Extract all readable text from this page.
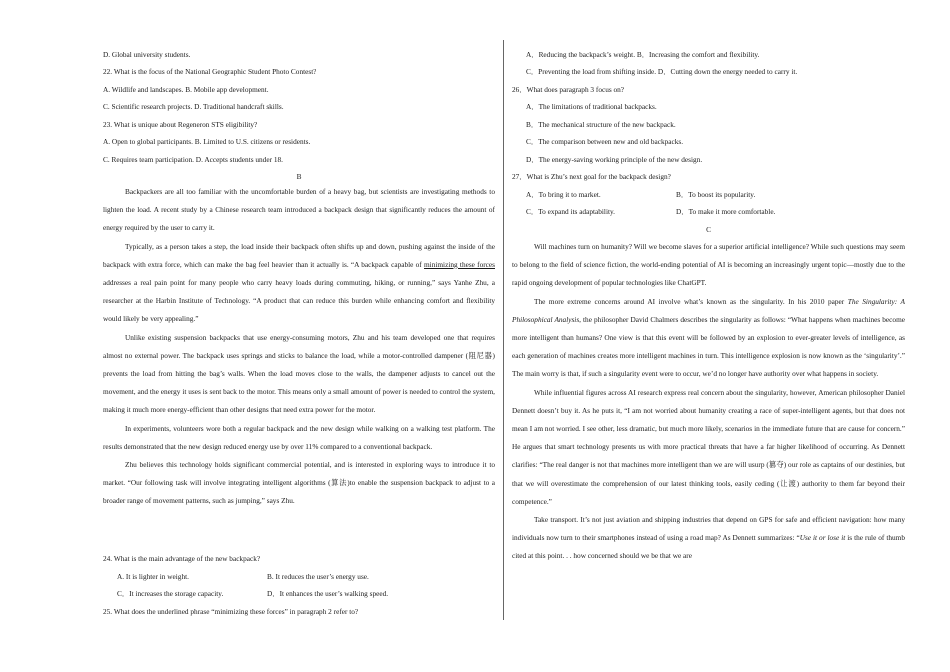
D. Global university students.
22. What is the focus of the National Geographic Student Photo Contest?
A. Wildlife and landscapes. B. Mobile app development.
C. Scientific research projects. D. Traditional handcraft skills.
23. What is unique about Regeneron STS eligibility?
A. Open to global participants. B. Limited to U.S. citizens or residents.
C. Requires team participation. D. Accepts students under 18.
B

Backpackers are all too familiar with the uncomfortable burden of a heavy bag, but scientists are investigating methods to lighten the load. A recent study by a Chinese research team introduced a backpack design that significantly reduces the amount of energy required by the user to carry it.

Typically, as a person takes a step, the load inside their backpack often shifts up and down, pushing against the inside of the backpack with extra force, which can make the bag feel heavier than it actually is. “A backpack capable of minimizing these forces addresses a real pain point for many people who carry heavy loads during commuting, hiking, or running,” says Yanhe Zhu, a researcher at the Harbin Institute of Technology. “A product that can reduce this burden while enhancing comfort and flexibility would likely be very appealing.”

Unlike existing suspension backpacks that use energy-consuming motors, Zhu and his team developed one that requires almost no external power. The backpack uses springs and sticks to balance the load, while a motor-controlled dampener (阻尼器) prevents the load from hitting the bag’s walls. When the load moves close to the walls, the dampener adjusts to cancel out the movement, and the energy it uses is sent back to the motor. This means only a small amount of power is needed to control the system, making it much more energy-efficient than other designs that need extra power for the motor.

In experiments, volunteers wore both a regular backpack and the new design while walking on a walking test platform. The results demonstrated that the new design reduced energy use by over 11% compared to a conventional backpack.

Zhu believes this technology holds significant commercial potential, and is interested in exploring ways to introduce it to market. “Our following task will involve integrating intelligent algorithms (算法)to enable the suspension backpack to adjust to a broader range of movement patterns, such as jumping,” says Zhu.

24. What is the main advantage of the new backpack?
A. It is lighter in weight.	B. It reduces the user’s energy use.
C．It increases the storage capacity.	D．It enhances the user’s walking speed.
25. What does the underlined phrase “minimizing these forces” in paragraph 2 refer to?
A．Reducing the backpack’s weight. B．Increasing the comfort and flexibility.
C．Preventing the load from shifting inside. D．Cutting down the energy needed to carry it.
26．What does paragraph 3 focus on?
A．The limitations of traditional backpacks.
B．The mechanical structure of the new backpack.
C．The comparison between new and old backpacks.
D．The energy-saving working principle of the new design.
27．What is Zhu’s next goal for the backpack design?
A．To bring it to market.	B．To boost its popularity.
C．To expand its adaptability.	D．To make it more comfortable.
C

Will machines turn on humanity? Will we become slaves for a superior artificial intelligence? While such questions may seem to belong to the field of science fiction, the world-ending potential of AI is becoming an increasingly urgent topic—mostly due to the rapid ongoing development of popular technologies like ChatGPT.

The more extreme concerns around AI involve what’s known as the singularity. In his 2010 paper The Singularity: A Philosophical Analysis, the philosopher David Chalmers describes the singularity as follows: “What happens when machines become more intelligent than humans? One view is that this event will be followed by an explosion to ever-greater levels of intelligence, as each generation of machines creates more intelligent machines in turn. This intelligence explosion is now known as the ‘singularity’.” The main worry is that, if such a singularity event were to occur, we’d no longer have authority over what happens in society.

While influential figures across AI research express real concern about the singularity, however, American philosopher Daniel Dennett doesn’t buy it. As he puts it, “I am not worried about humanity creating a race of super-intelligent agents, but that does not mean I am not worried. I see other, less dramatic, but much more likely, scenarios in the immediate future that are cause for concern.” He argues that smart technology presents us with more practical threats that have a far higher likelihood of occurring. As Dennett clarifies: “The real danger is not that machines more intelligent than we are will usurp (篡夺) our role as captains of our destinies, but that we will overestimate the comprehension of our latest thinking tools, easily ceding (让渡) authority to them far beyond their competence.”

Take transport. It’s not just aviation and shipping industries that depend on GPS for safe and efficient navigation: how many individuals now turn to their smartphones instead of using a road map? As Dennett summarizes: “Use it or lose it is the rule of thumb cited at this point. . . how concerned should we be that we are
